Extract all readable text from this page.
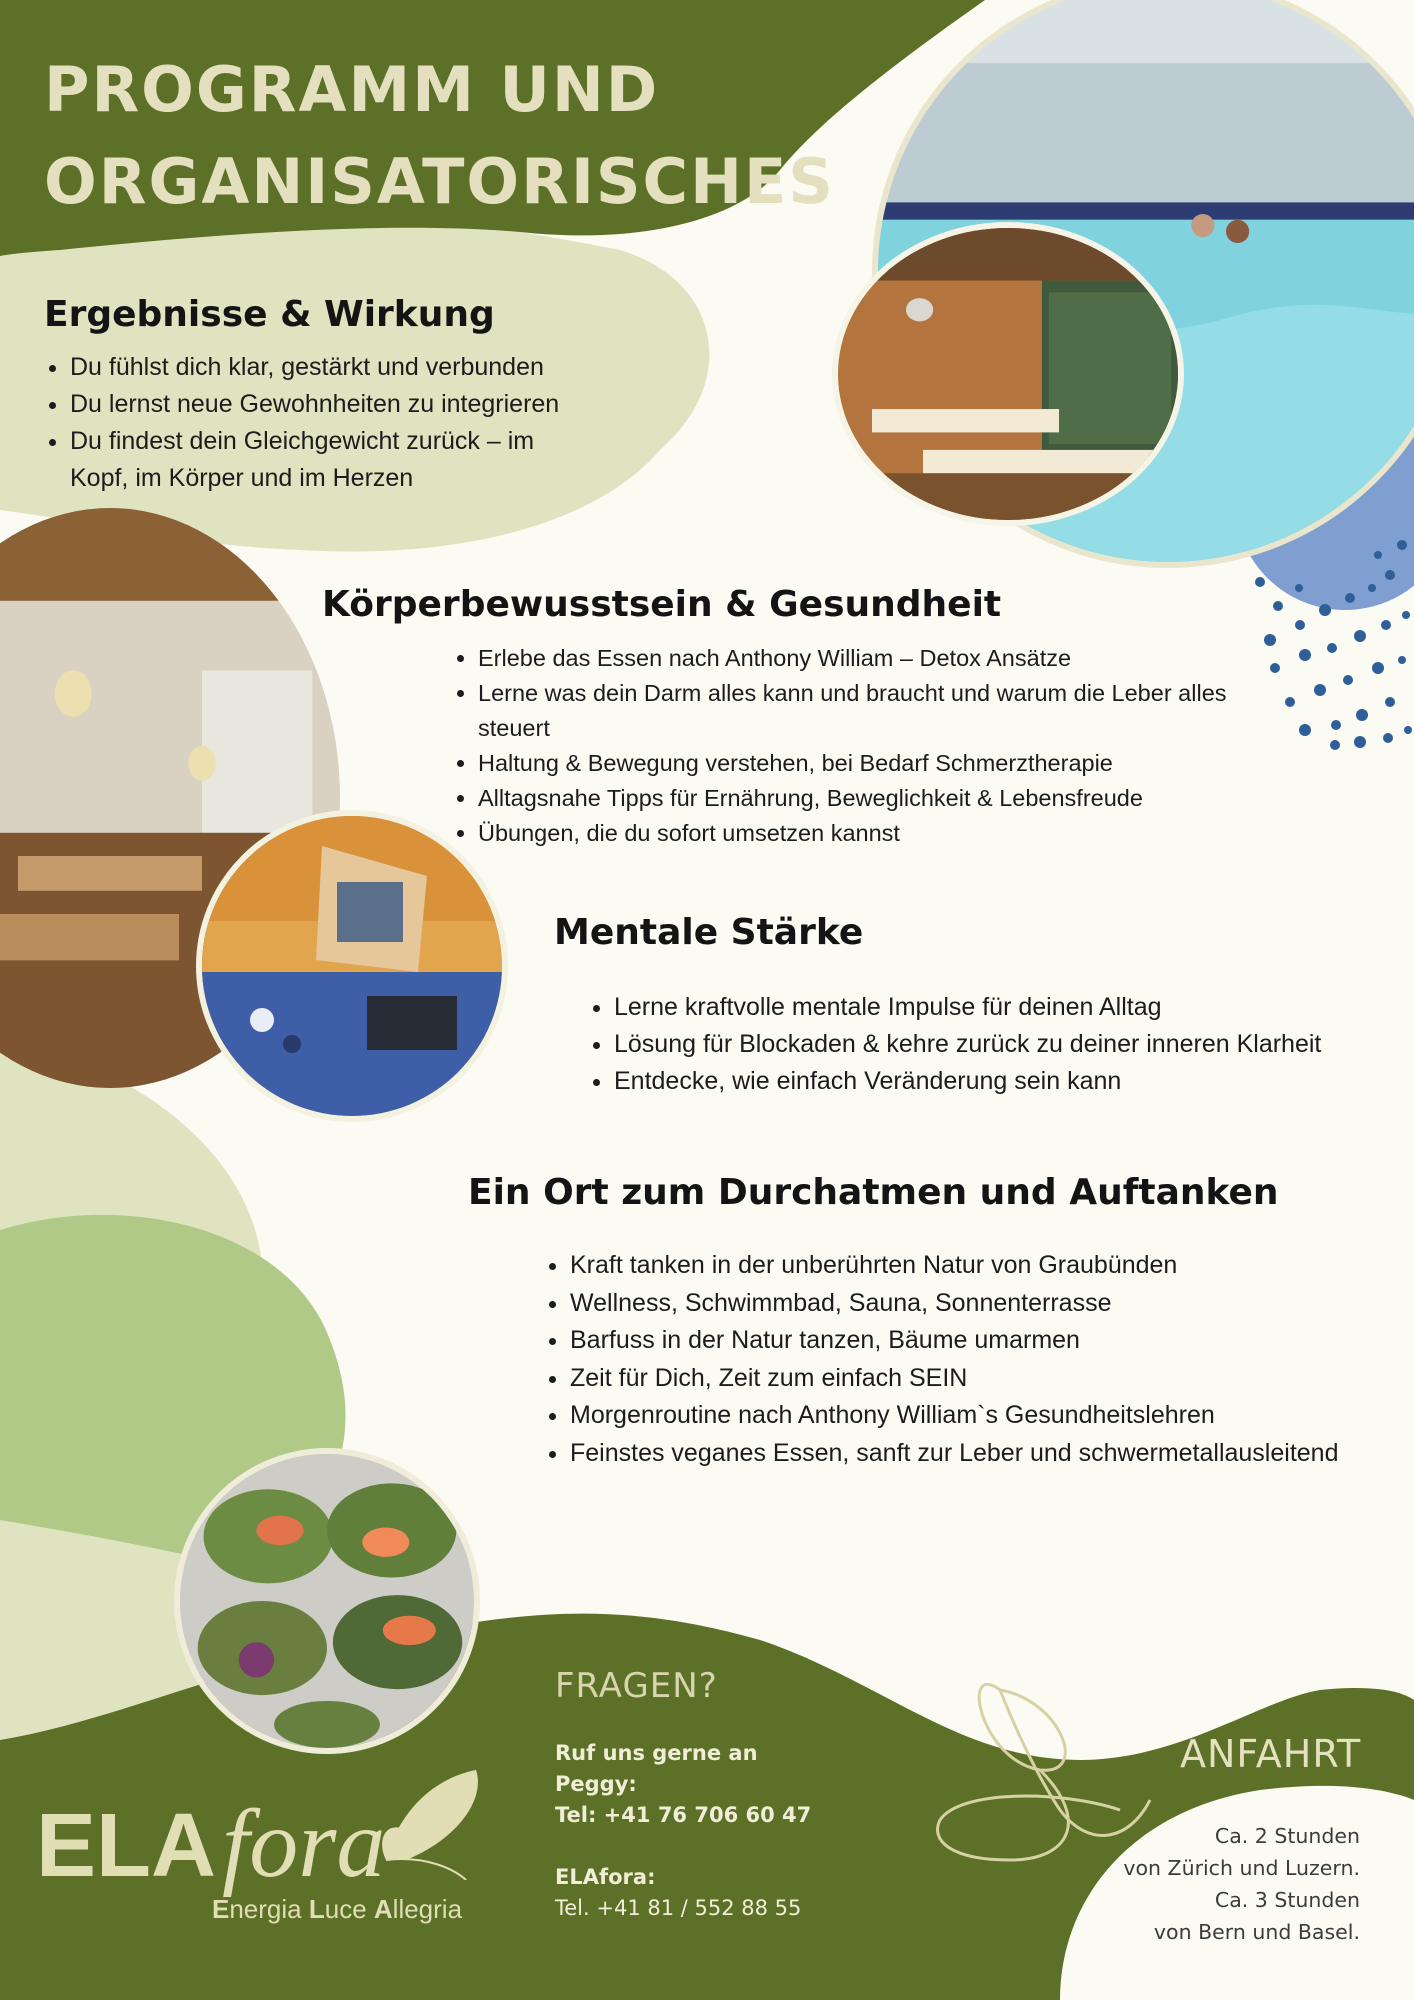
PROGRAMM UND
ORGANISATORISCHES
Ergebnisse & Wirkung
• Du fühlst dich klar, gestärkt und verbunden
• Du lernst neue Gewohnheiten zu integrieren
• Du findest dein Gleichgewicht zurück – im Kopf, im Körper und im Herzen
Körperbewusstsein & Gesundheit
• Erlebe das Essen nach Anthony William – Detox Ansätze
• Lerne was dein Darm alles kann und braucht und warum die Leber alles steuert
• Haltung & Bewegung verstehen, bei Bedarf Schmerztherapie
• Alltagsnahe Tipps für Ernährung, Beweglichkeit & Lebensfreude
• Übungen, die du sofort umsetzen kannst
Mentale Stärke
• Lerne kraftvolle mentale Impulse für deinen Alltag
• Lösung für Blockaden & kehre zurück zu deiner inneren Klarheit
• Entdecke, wie einfach Veränderung sein kann
Ein Ort zum Durchatmen und Auftanken
• Kraft tanken in der unberührten Natur von Graubünden
• Wellness, Schwimmbad, Sauna, Sonnenterrasse
• Barfuss in der Natur tanzen, Bäume umarmen
• Zeit für Dich, Zeit zum einfach SEIN
• Morgenroutine nach Anthony William`s Gesundheitslehren
• Feinstes veganes Essen, sanft zur Leber und schwermetallausleitend
FRAGEN?
Ruf uns gerne an
Peggy:
Tel: +41 76 706 60 47
ELAfora:
Tel. +41 81 / 552 88 55
ANFAHRT
Ca. 2 Stunden
von Zürich und Luzern.
Ca. 3 Stunden
von Bern und Basel.
ELAfora
Energia Luce Allegria
